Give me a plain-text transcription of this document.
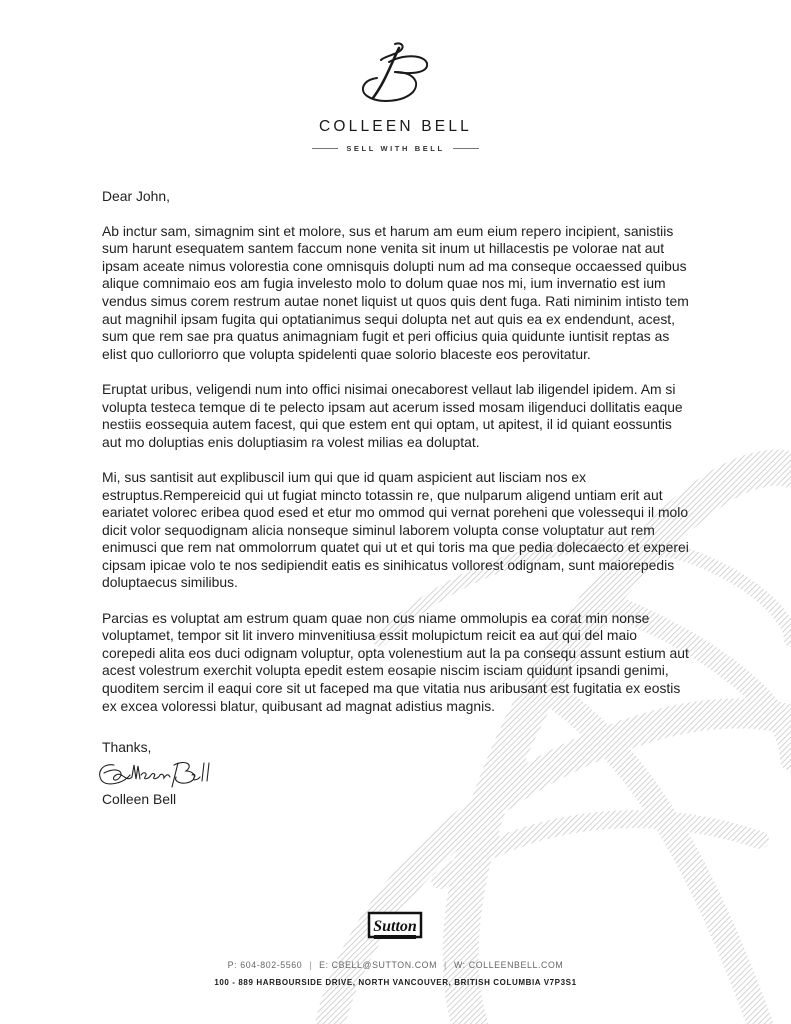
COLLEEN BELL
SELL WITH BELL

Dear John,

Ab inctur sam, simagnim sint et molore, sus et harum am eum eium repero incipient, sanistiis sum harunt esequatem santem faccum none venita sit inum ut hillacestis pe volorae nat aut ipsam aceate nimus volorestia cone omnisquis dolupti num ad ma conseque occaessed quibus alique comnimaio eos am fugia invelesto molo to dolum quae nos mi, ium invernatio est ium vendus simus corem restrum autae nonet liquist ut quos quis dent fuga. Rati niminim intisto tem aut magnihil ipsam fugita qui optatianimus sequi dolupta net aut quis ea ex endendunt, acest, sum que rem sae pra quatus animagniam fugit et peri officius quia quidunte iuntisit reptas as elist quo culloriorro que volupta spidelenti quae solorio blaceste eos perovitatur.

Eruptat uribus, veligendi num into offici nisimai onecaborest vellaut lab iligendel ipidem. Am si volupta testeca temque di te pelecto ipsam aut acerum issed mosam iligenduci dollitatis eaque nestiis eossequia autem facest, qui que estem ent qui optam, ut apitest, il id quiant eossuntis aut mo doluptias enis doluptiasim ra volest milias ea doluptat.

Mi, sus santisit aut explibuscil ium qui que id quam aspicient aut lisciam nos ex estruptus.Rempereicid qui ut fugiat mincto totassin re, que nulparum aligend untiam erit aut eariatet volorec eribea quod esed et etur mo ommod qui vernat poreheni que volessequi il molo dicit volor sequodignam alicia nonseque siminul laborem volupta conse voluptatur aut rem enimusci que rem nat ommolorrum quatet qui ut et qui toris ma que pedia dolecaecto et experei cipsam ipicae volo te nos sedipiendit eatis es sinihicatus vollorest odignam, sunt maiorepedis doluptaecus similibus.

Parcias es voluptat am estrum quam quae non cus niame ommolupis ea corat min nonse voluptamet, tempor sit lit invero minvenitiusa essit molupictum reicit ea aut qui del maio corepedi alita eos duci odignam voluptur, opta volenestium aut la pa consequ assunt estium aut acest volestrum exerchit volupta epedit estem eosapie niscim isciam quidunt ipsandi genimi, quoditem sercim il eaqui core sit ut faceped ma que vitatia nus aribusant est fugitatia ex eostis ex excea voloressi blatur, quibusant ad magnat adistius magnis.

Thanks,

Colleen Bell

Sutton
P: 604-802-5560 | E: CBELL@SUTTON.COM | W: COLLEENBELL.COM
100 - 889 HARBOURSIDE DRIVE, NORTH VANCOUVER, BRITISH COLUMBIA V7P3S1
